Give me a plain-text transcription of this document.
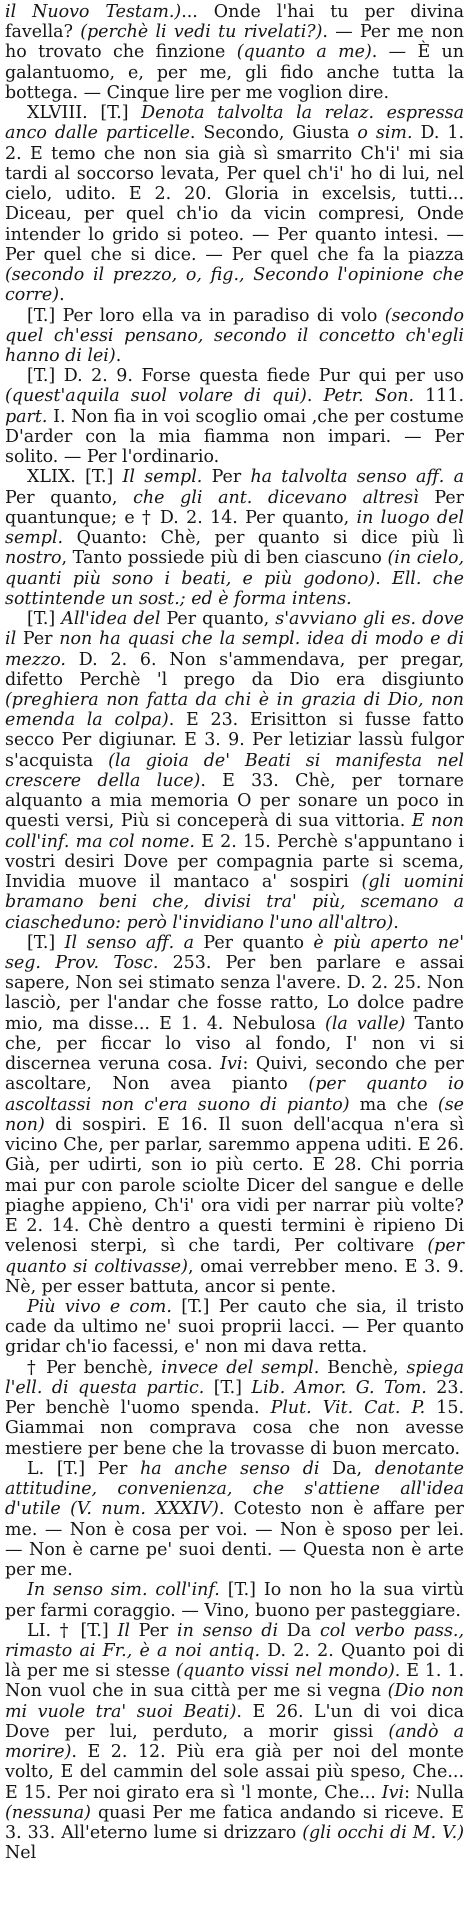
il Nuovo Testam.)... Onde l'hai tu per divina favella? (perchè li vedi tu rivelati?). — Per me non ho trovato che finzione (quanto a me). — È un galantuomo, e, per me, gli fido anche tutta la bottega. — Cinque lire per me voglion dire.

XLVIII. [T.] Denota talvolta la relaz. espressa anco dalle particelle. Secondo, Giusta o sim. D. 1. 2. E temo che non sia già sì smarrito Ch'i' mi sia tardi al soccorso levata, Per quel ch'i' ho di lui, nel cielo, udito. E 2. 20. Gloria in excelsis, tutti... Diceau, per quel ch'io da vicin compresi, Onde intender lo grido si poteo. — Per quanto intesi. — Per quel che si dice. — Per quel che fa la piazza (secondo il prezzo, o, fig., Secondo l'opinione che corre).

[T.] Per loro ella va in paradiso di volo (secondo quel ch'essi pensano, secondo il concetto ch'egli hanno di lei).

[T.] D. 2. 9. Forse questa fiede Pur qui per uso (quest'aquila suol volare di qui). Petr. Son. 111. part. I. Non fia in voi scoglio omai ,che per costume D'arder con la mia fiamma non impari. — Per solito. — Per l'ordinario.

XLIX. [T.] Il sempl. Per ha talvolta senso aff. a Per quanto, che gli ant. dicevano altresì Per quantunque; e † D. 2. 14. Per quanto, in luogo del sempl. Quanto: Chè, per quanto si dice più lì nostro, Tanto possiede più di ben ciascuno (in cielo, quanti più sono i beati, e più godono). Ell. che sottintende un sost.; ed è forma intens.

[T.] All'idea del Per quanto, s'avviano gli es. dove il Per non ha quasi che la sempl. idea di modo e di mezzo. D. 2. 6. Non s'ammendava, per pregar, difetto Perchè 'l prego da Dio era disgiunto (preghiera non fatta da chi è in grazia di Dio, non emenda la colpa). E 23. Erisitton si fusse fatto secco Per digiunar. E 3. 9. Per letiziar lassù fulgor s'acquista (la gioia de' Beati si manifesta nel crescere della luce). E 33. Chè, per tornare alquanto a mia memoria O per sonare un poco in questi versi, Più si conceperà di sua vittoria. E non coll'inf. ma col nome. E 2. 15. Perchè s'appuntano i vostri desiri Dove per compagnia parte si scema, Invidia muove il mantaco a' sospiri (gli uomini bramano beni che, divisi tra' più, scemano a ciascheduno: però l'invidiano l'uno all'altro).

[T.] Il senso aff. a Per quanto è più aperto ne' seg. Prov. Tosc. 253. Per ben parlare e assai sapere, Non sei stimato senza l'avere. D. 2. 25. Non lasciò, per l'andar che fosse ratto, Lo dolce padre mio, ma disse... E 1. 4. Nebulosa (la valle) Tanto che, per ficcar lo viso al fondo, I' non vi si discernea veruna cosa. Ivi: Quivi, secondo che per ascoltare, Non avea pianto (per quanto io ascoltassi non c'era suono di pianto) ma che (se non) di sospiri. E 16. Il suon dell'acqua n'era sì vicino Che, per parlar, saremmo appena uditi. E 26. Già, per udirti, son io più certo. E 28. Chi porria mai pur con parole sciolte Dicer del sangue e delle piaghe appieno, Ch'i' ora vidi per narrar più volte? E 2. 14. Chè dentro a questi termini è ripieno Di velenosi sterpi, sì che tardi, Per coltivare (per quanto si coltivasse), omai verrebber meno. E 3. 9. Nè, per esser battuta, ancor si pente.

Più vivo e com. [T.] Per cauto che sia, il tristo cade da ultimo ne' suoi proprii lacci. — Per quanto gridar ch'io facessi, e' non mi dava retta.

† Per benchè, invece del sempl. Benchè, spiega l'ell. di questa partic. [T.] Lib. Amor. G. Tom. 23. Per benchè l'uomo spenda. Plut. Vit. Cat. P. 15. Giammai non comprava cosa che non avesse mestiere per bene che la trovasse di buon mercato.

L. [T.] Per ha anche senso di Da, denotante attitudine, convenienza, che s'attiene all'idea d'utile (V. num. XXXIV). Cotesto non è affare per me. — Non è cosa per voi. — Non è sposo per lei. — Non è carne pe' suoi denti. — Questa non è arte per me.

In senso sim. coll'inf. [T.] Io non ho la sua virtù per farmi coraggio. — Vino, buono per pasteggiare.

LI. † [T.] Il Per in senso di Da col verbo pass., rimasto ai Fr., è a noi antiq. D. 2. 2. Quanto poi di là per me si stesse (quanto vissi nel mondo). E 1. 1. Non vuol che in sua città per me si vegna (Dio non mi vuole tra' suoi Beati). E 26. L'un di voi dica Dove per lui, perduto, a morir gissi (andò a morire). E 2. 12. Più era già per noi del monte volto, E del cammin del sole assai più speso, Che... E 15. Per noi girato era sì 'l monte, Che... Ivi: Nulla (nessuna) quasi Per me fatica andando si riceve. E 3. 33. All'eterno lume si drizzaro (gli occhi di M. V.) Nel
